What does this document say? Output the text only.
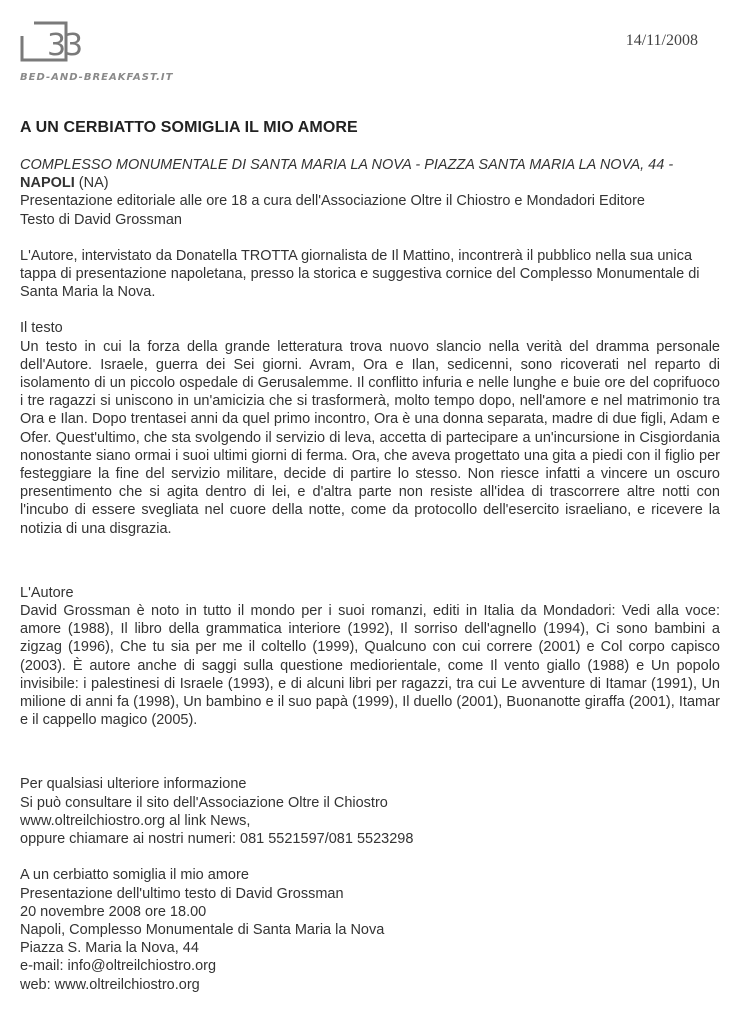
3
3
BED-AND-BREAKFAST.IT
14/11/2008
A UN CERBIATTO SOMIGLIA IL MIO AMORE

COMPLESSO MONUMENTALE DI SANTA MARIA LA NOVA - PIAZZA SANTA MARIA LA NOVA, 44 - NAPOLI (NA)

Presentazione editoriale alle ore 18 a cura dell'Associazione Oltre il Chiostro e Mondadori Editore

Testo di David Grossman

L'Autore, intervistato da Donatella TROTTA giornalista de Il Mattino, incontrerà il pubblico nella sua unica tappa di presentazione napoletana, presso la storica e suggestiva cornice del Complesso Monumentale di Santa Maria la Nova.

Il testo

Un testo in cui la forza della grande letteratura trova nuovo slancio nella verità del dramma personale dell'Autore. Israele, guerra dei Sei giorni. Avram, Ora e Ilan, sedicenni, sono ricoverati nel reparto di isolamento di un piccolo ospedale di Gerusalemme. Il conflitto infuria e nelle lunghe e buie ore del coprifuoco i tre ragazzi si uniscono in un'amicizia che si trasformerà, molto tempo dopo, nell'amore e nel matrimonio tra Ora e Ilan. Dopo trentasei anni da quel primo incontro, Ora è una donna separata, madre di due figli, Adam e Ofer. Quest'ultimo, che sta svolgendo il servizio di leva, accetta di partecipare a un'incursione in Cisgiordania nonostante siano ormai i suoi ultimi giorni di ferma. Ora, che aveva progettato una gita a piedi con il figlio per festeggiare la fine del servizio militare, decide di partire lo stesso. Non riesce infatti a vincere un oscuro presentimento che si agita dentro di lei, e d'altra parte non resiste all'idea di trascorrere altre notti con l'incubo di essere svegliata nel cuore della notte, come da protocollo dell'esercito israeliano, e ricevere la notizia di una disgrazia.

L'Autore

David Grossman è noto in tutto il mondo per i suoi romanzi, editi in Italia da Mondadori: Vedi alla voce: amore (1988), Il libro della grammatica interiore (1992), Il sorriso dell'agnello (1994), Ci sono bambini a zigzag (1996), Che tu sia per me il coltello (1999), Qualcuno con cui correre (2001) e Col corpo capisco (2003). È autore anche di saggi sulla questione mediorientale, come Il vento giallo (1988) e Un popolo invisibile: i palestinesi di Israele (1993), e di alcuni libri per ragazzi, tra cui Le avventure di Itamar (1991), Un milione di anni fa (1998), Un bambino e il suo papà (1999), Il duello (2001), Buonanotte giraffa (2001), Itamar e il cappello magico (2005).

Per qualsiasi ulteriore informazione

Si può consultare il sito dell'Associazione Oltre il Chiostro

www.oltreilchiostro.org al link News,

oppure chiamare ai nostri numeri: 081 5521597/081 5523298

A un cerbiatto somiglia il mio amore

Presentazione dell'ultimo testo di David Grossman

20 novembre 2008 ore 18.00

Napoli, Complesso Monumentale di Santa Maria la Nova

Piazza S. Maria la Nova, 44

e-mail: info@oltreilchiostro.org

web: www.oltreilchiostro.org
